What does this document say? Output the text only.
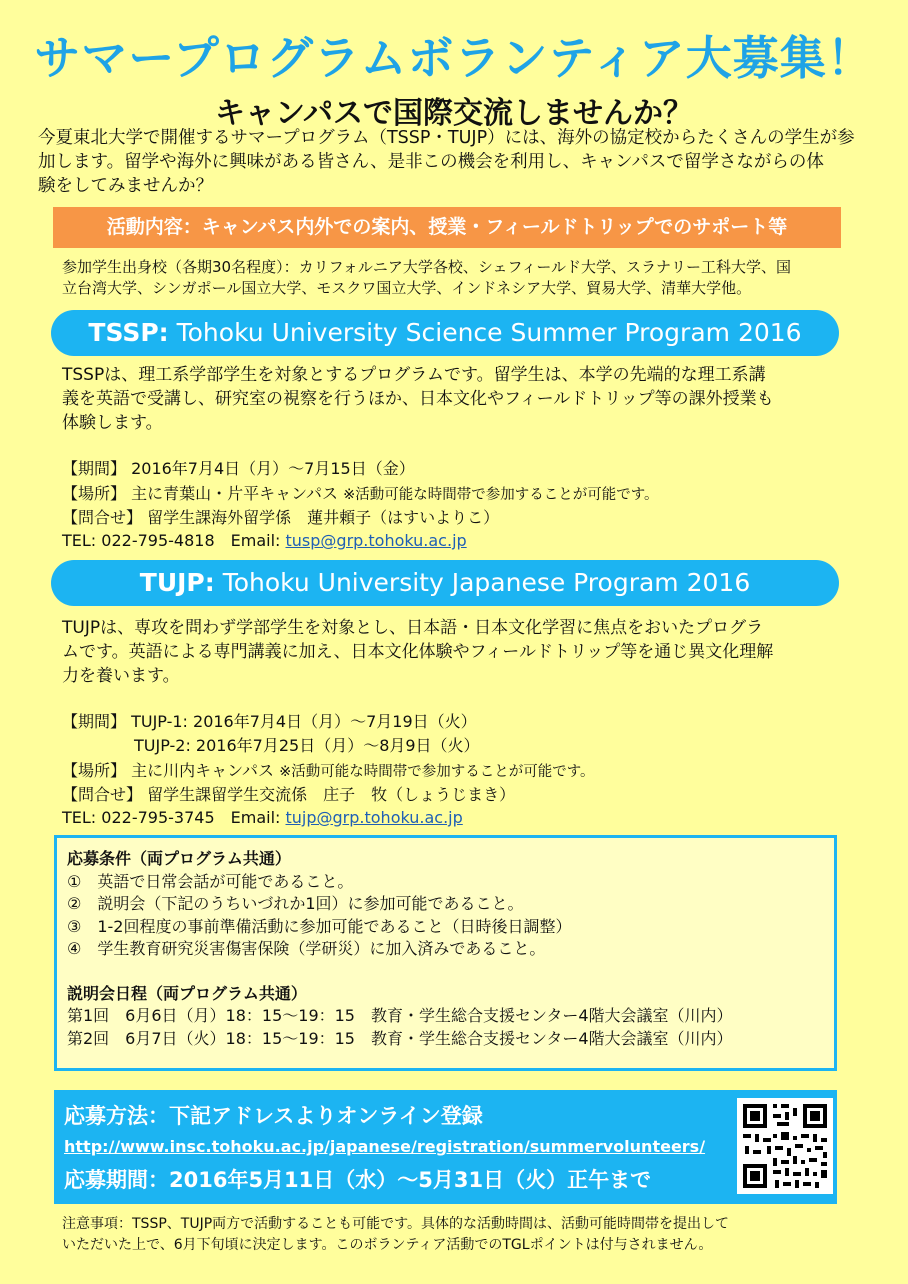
サマープログラムボランティア大募集！
キャンパスで国際交流しませんか？
今夏東北大学で開催するサマープログラム（TSSP・TUJP）には、海外の協定校からたくさんの学生が参
加します。留学や海外に興味がある皆さん、是非この機会を利用し、キャンパスで留学さながらの体
験をしてみませんか？
活動内容：キャンパス内外での案内、授業・フィールドトリップでのサポート等
参加学生出身校（各期30名程度）：カリフォルニア大学各校、シェフィールド大学、スラナリー工科大学、国
立台湾大学、シンガポール国立大学、モスクワ国立大学、インドネシア大学、貿易大学、清華大学他。
TSSP: Tohoku University Science Summer Program 2016
TSSPは、理工系学部学生を対象とするプログラムです。留学生は、本学の先端的な理工系講
義を英語で受講し、研究室の視察を行うほか、日本文化やフィールドトリップ等の課外授業も
体験します。
【期間】 2016年7月4日（月）～7月15日（金）
【場所】 主に青葉山・片平キャンパス ※活動可能な時間帯で参加することが可能です。
【問合せ】 留学生課海外留学係　蓮井頼子（はすいよりこ）
TEL: 022-795-4818　Email: tusp@grp.tohoku.ac.jp
TUJP: Tohoku University Japanese Program 2016
TUJPは、専攻を問わず学部学生を対象とし、日本語・日本文化学習に焦点をおいたプログラ
ムです。英語による専門講義に加え、日本文化体験やフィールドトリップ等を通じ異文化理解
力を養います。
【期間】 TUJP-1: 2016年7月4日（月）～7月19日（火）
TUJP-2: 2016年7月25日（月）～8月9日（火）
【場所】 主に川内キャンパス ※活動可能な時間帯で参加することが可能です。
【問合せ】 留学生課留学生交流係　庄子　牧（しょうじまき）
TEL: 022-795-3745　Email: tujp@grp.tohoku.ac.jp
応募条件（両プログラム共通）
①　英語で日常会話が可能であること。
②　説明会（下記のうちいづれか1回）に参加可能であること。
③　1-2回程度の事前準備活動に参加可能であること（日時後日調整）
④　学生教育研究災害傷害保険（学研災）に加入済みであること。
説明会日程（両プログラム共通）
第1回　6月6日（月）18：15～19：15　教育・学生総合支援センター4階大会議室（川内）
第2回　6月7日（火）18：15～19：15　教育・学生総合支援センター4階大会議室（川内）
応募方法：下記アドレスよりオンライン登録
http://www.insc.tohoku.ac.jp/japanese/registration/summervolunteers/
応募期間：2016年5月11日（水）～5月31日（火）正午まで
注意事項：TSSP、TUJP両方で活動することも可能です。具体的な活動時間は、活動可能時間帯を提出して
いただいた上で、6月下旬頃に決定します。このボランティア活動でのTGLポイントは付与されません。
